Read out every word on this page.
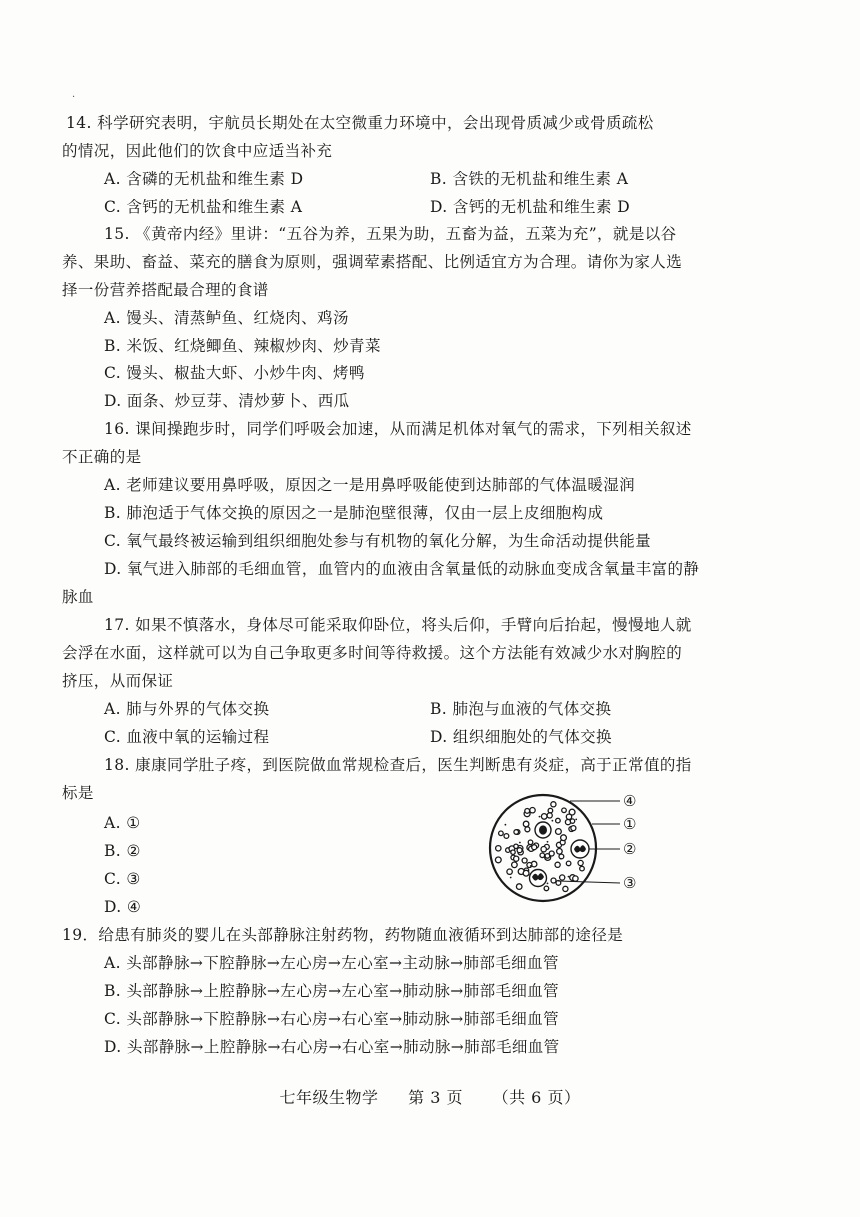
·
14. 科学研究表明，宇航员长期处在太空微重力环境中，会出现骨质减少或骨质疏松
的情况，因此他们的饮食中应适当补充
A. 含磷的无机盐和维生素 D	B. 含铁的无机盐和维生素 A
C. 含钙的无机盐和维生素 A	D. 含钙的无机盐和维生素 D
15. 《黄帝内经》里讲：“五谷为养，五果为助，五畜为益，五菜为充”，就是以谷
养、果助、畜益、菜充的膳食为原则，强调荤素搭配、比例适宜方为合理。请你为家人选
择一份营养搭配最合理的食谱
A. 馒头、清蒸鲈鱼、红烧肉、鸡汤
B. 米饭、红烧鲫鱼、辣椒炒肉、炒青菜
C. 馒头、椒盐大虾、小炒牛肉、烤鸭
D. 面条、炒豆芽、清炒萝卜、西瓜
16. 课间操跑步时，同学们呼吸会加速，从而满足机体对氧气的需求，下列相关叙述
不正确的是
A. 老师建议要用鼻呼吸，原因之一是用鼻呼吸能使到达肺部的气体温暖湿润
B. 肺泡适于气体交换的原因之一是肺泡壁很薄，仅由一层上皮细胞构成
C. 氧气最终被运输到组织细胞处参与有机物的氧化分解，为生命活动提供能量
D. 氧气进入肺部的毛细血管，血管内的血液由含氧量低的动脉血变成含氧量丰富的静
脉血
17. 如果不慎落水，身体尽可能采取仰卧位，将头后仰，手臂向后抬起，慢慢地人就
会浮在水面，这样就可以为自己争取更多时间等待救援。这个方法能有效减少水对胸腔的
挤压，从而保证
A. 肺与外界的气体交换	B. 肺泡与血液的气体交换
C. 血液中氧的运输过程	D. 组织细胞处的气体交换
18. 康康同学肚子疼，到医院做血常规检查后，医生判断患有炎症，高于正常值的指
标是
A. ①
B. ②
C. ③
D. ④
④
①
②
③
19．给患有肺炎的婴儿在头部静脉注射药物，药物随血液循环到达肺部的途径是
A. 头部静脉→下腔静脉→左心房→左心室→主动脉→肺部毛细血管
B. 头部静脉→上腔静脉→左心房→左心室→肺动脉→肺部毛细血管
C. 头部静脉→下腔静脉→右心房→右心室→肺动脉→肺部毛细血管
D. 头部静脉→上腔静脉→右心房→右心室→肺动脉→肺部毛细血管
七年级生物学 第 3 页 （共 6 页）
